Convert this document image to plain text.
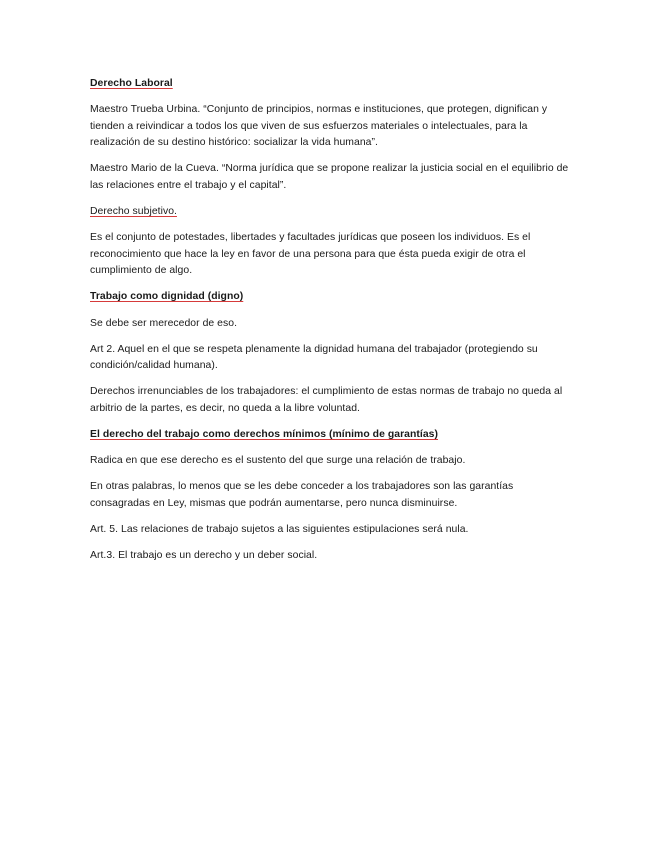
Derecho Laboral

Maestro Trueba Urbina. “Conjunto de principios, normas e instituciones, que protegen, dignifican y tienden a reivindicar a todos los que viven de sus esfuerzos materiales o intelectuales, para la realización de su destino histórico: socializar la vida humana”.

Maestro Mario de la Cueva. “Norma jurídica que se propone realizar la justicia social en el equilibrio de las relaciones entre el trabajo y el capital”.

Derecho subjetivo.

Es el conjunto de potestades, libertades y facultades jurídicas que poseen los individuos. Es el reconocimiento que hace la ley en favor de una persona para que ésta pueda exigir de otra el cumplimiento de algo.

Trabajo como dignidad (digno)

Se debe ser merecedor de eso.

Art 2. Aquel en el que se respeta plenamente la dignidad humana del trabajador (protegiendo su condición/calidad humana).

Derechos irrenunciables de los trabajadores: el cumplimiento de estas normas de trabajo no queda al arbitrio de la partes, es decir, no queda a la libre voluntad.

El derecho del trabajo como derechos mínimos (mínimo de garantías)

Radica en que ese derecho es el sustento del que surge una relación de trabajo.

En otras palabras, lo menos que se les debe conceder a los trabajadores son las garantías consagradas en Ley, mismas que podrán aumentarse, pero nunca disminuirse.

Art. 5. Las relaciones de trabajo sujetos a las siguientes estipulaciones será nula.

Art.3. El trabajo es un derecho y un deber social.
